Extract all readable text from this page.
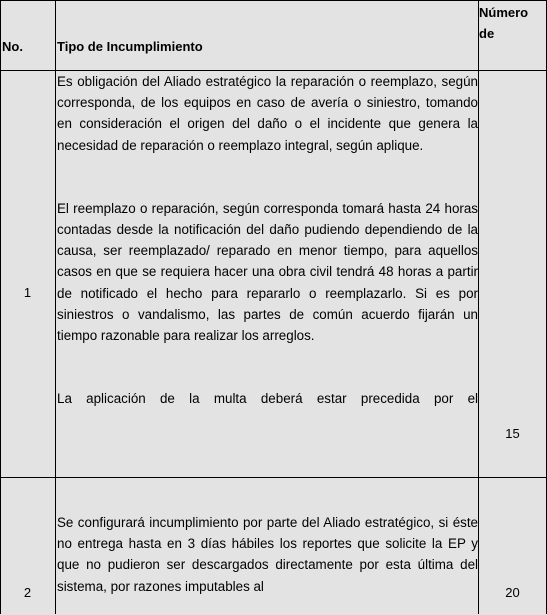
No.	Tipo de Incumplimiento
Número
de
1

Es obligación del Aliado estratégico la reparación o reemplazo, según corresponda, de los equipos en caso de avería o siniestro, tomando en consideración el origen del daño o el incidente que genera la necesidad de reparación o reemplazo integral, según aplique.

El reemplazo o reparación, según corresponda tomará hasta 24 horas contadas desde la notificación del daño pudiendo dependiendo de la causa, ser reemplazado/ reparado en menor tiempo, para aquellos casos en que se requiera hacer una obra civil tendrá 48 horas a partir de notificado el hecho para repararlo o reemplazarlo. Si es por siniestros o vandalismo, las partes de común acuerdo fijarán un tiempo razonable para realizar los arreglos.

La aplicación de la multa deberá estar precedida por el

15
2

Se configurará incumplimiento por parte del Aliado estratégico, si éste no entrega hasta en 3 días hábiles los reportes que solicite la EP y que no pudieron ser descargados directamente por esta última del sistema, por razones imputables al	20
